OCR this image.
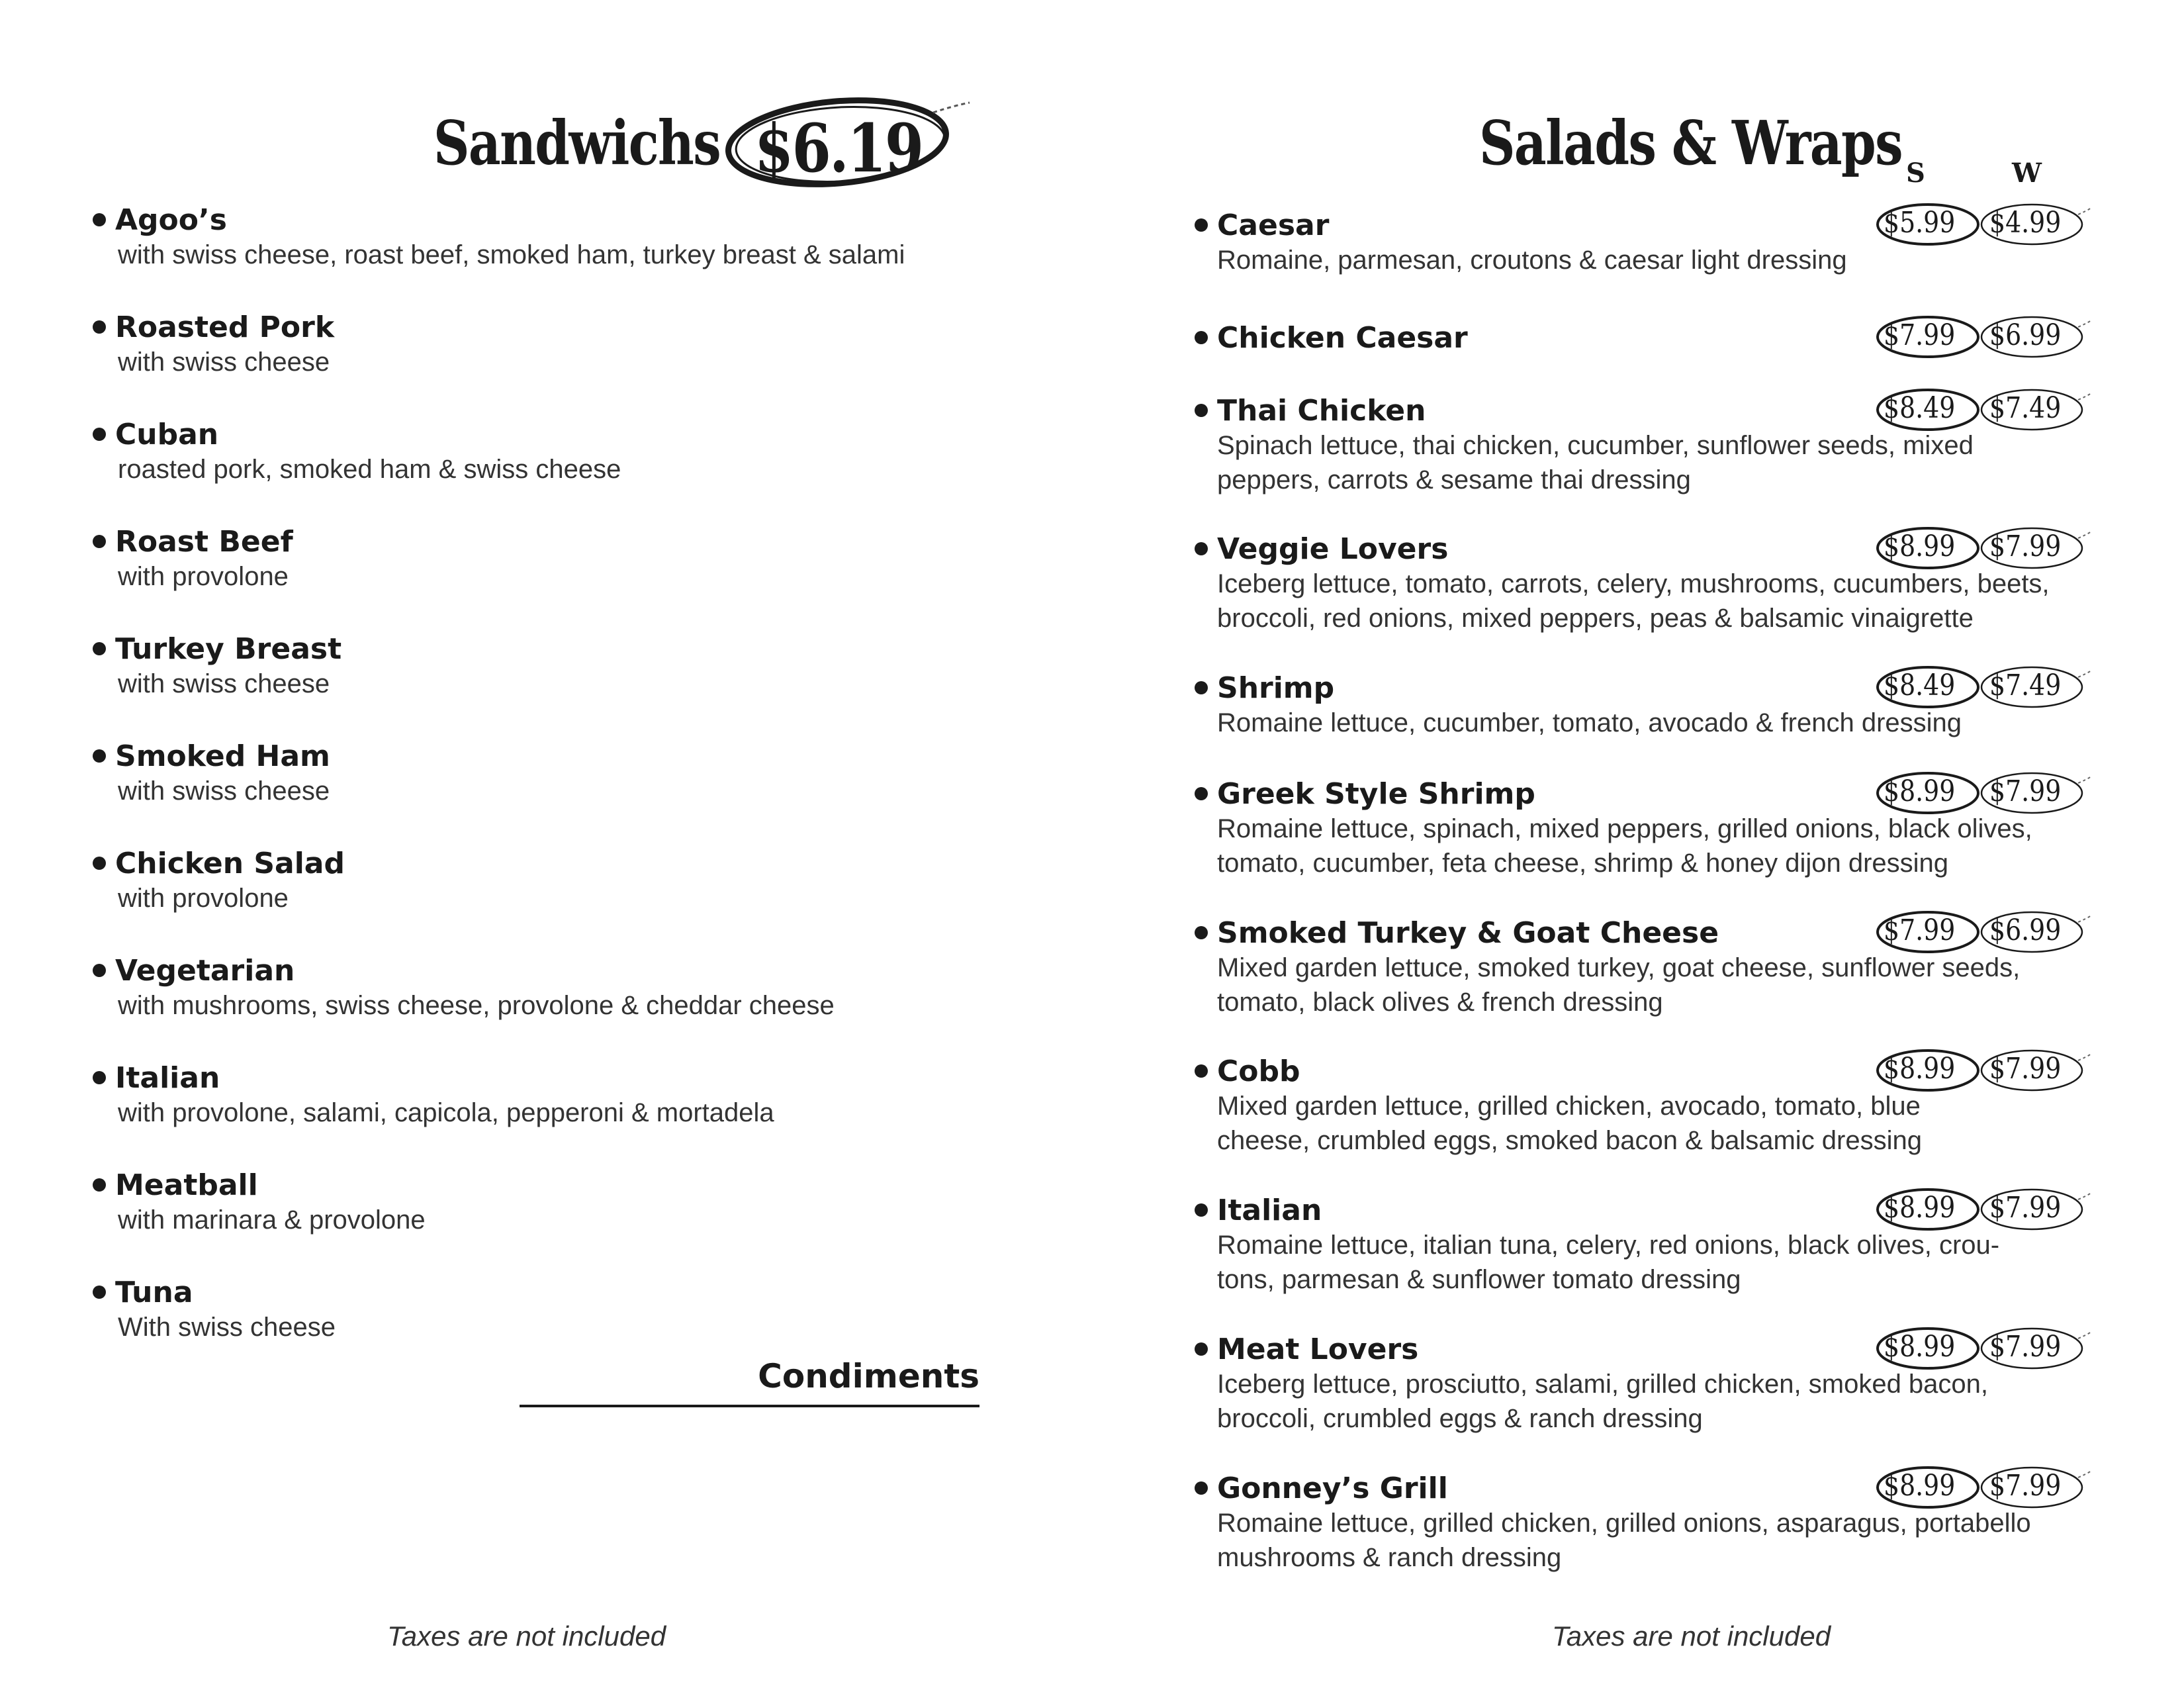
Sandwichs $6.19
Agoo’s
with swiss cheese, roast beef, smoked ham, turkey breast & salami
Roasted Pork
with swiss cheese
Cuban
roasted pork, smoked ham & swiss cheese
Roast Beef
with provolone
Turkey Breast
with swiss cheese
Smoked Ham
with swiss cheese
Chicken Salad
with provolone
Vegetarian
with mushrooms, swiss cheese, provolone & cheddar cheese
Italian
with provolone, salami, capicola, pepperoni & mortadela
Meatball
with marinara & provolone
Tuna
With swiss cheese
Condiments
Taxes are not included
Salads & Wraps S	W
Caesar
Romaine, parmesan, croutons & caesar light dressing
$5.99 $4.99
Chicken Caesar	$7.99 $6.99
Thai Chicken
Spinach lettuce, thai chicken, cucumber, sunflower seeds, mixed
peppers, carrots & sesame thai dressing
$8.49 $7.49
Veggie Lovers
Iceberg lettuce, tomato, carrots, celery, mushrooms, cucumbers, beets,
broccoli, red onions, mixed peppers, peas & balsamic vinaigrette
$8.99 $7.99
Shrimp
Romaine lettuce, cucumber, tomato, avocado & french dressing
$8.49 $7.49
Greek Style Shrimp
Romaine lettuce, spinach, mixed peppers, grilled onions, black olives,
tomato, cucumber, feta cheese, shrimp & honey dijon dressing
$8.99 $7.99
Smoked Turkey & Goat Cheese
Mixed garden lettuce, smoked turkey, goat cheese, sunflower seeds,
tomato, black olives & french dressing
$7.99 $6.99
Cobb
Mixed garden lettuce, grilled chicken, avocado, tomato, blue
cheese, crumbled eggs, smoked bacon & balsamic dressing
$8.99 $7.99
Italian
Romaine lettuce, italian tuna, celery, red onions, black olives, crou-
tons, parmesan & sunflower tomato dressing
$8.99 $7.99
Meat Lovers
Iceberg lettuce, prosciutto, salami, grilled chicken, smoked bacon,
broccoli, crumbled eggs & ranch dressing
$8.99 $7.99
Gonney’s Grill
Romaine lettuce, grilled chicken, grilled onions, asparagus, portabello
mushrooms & ranch dressing
$8.99 $7.99
Taxes are not included
